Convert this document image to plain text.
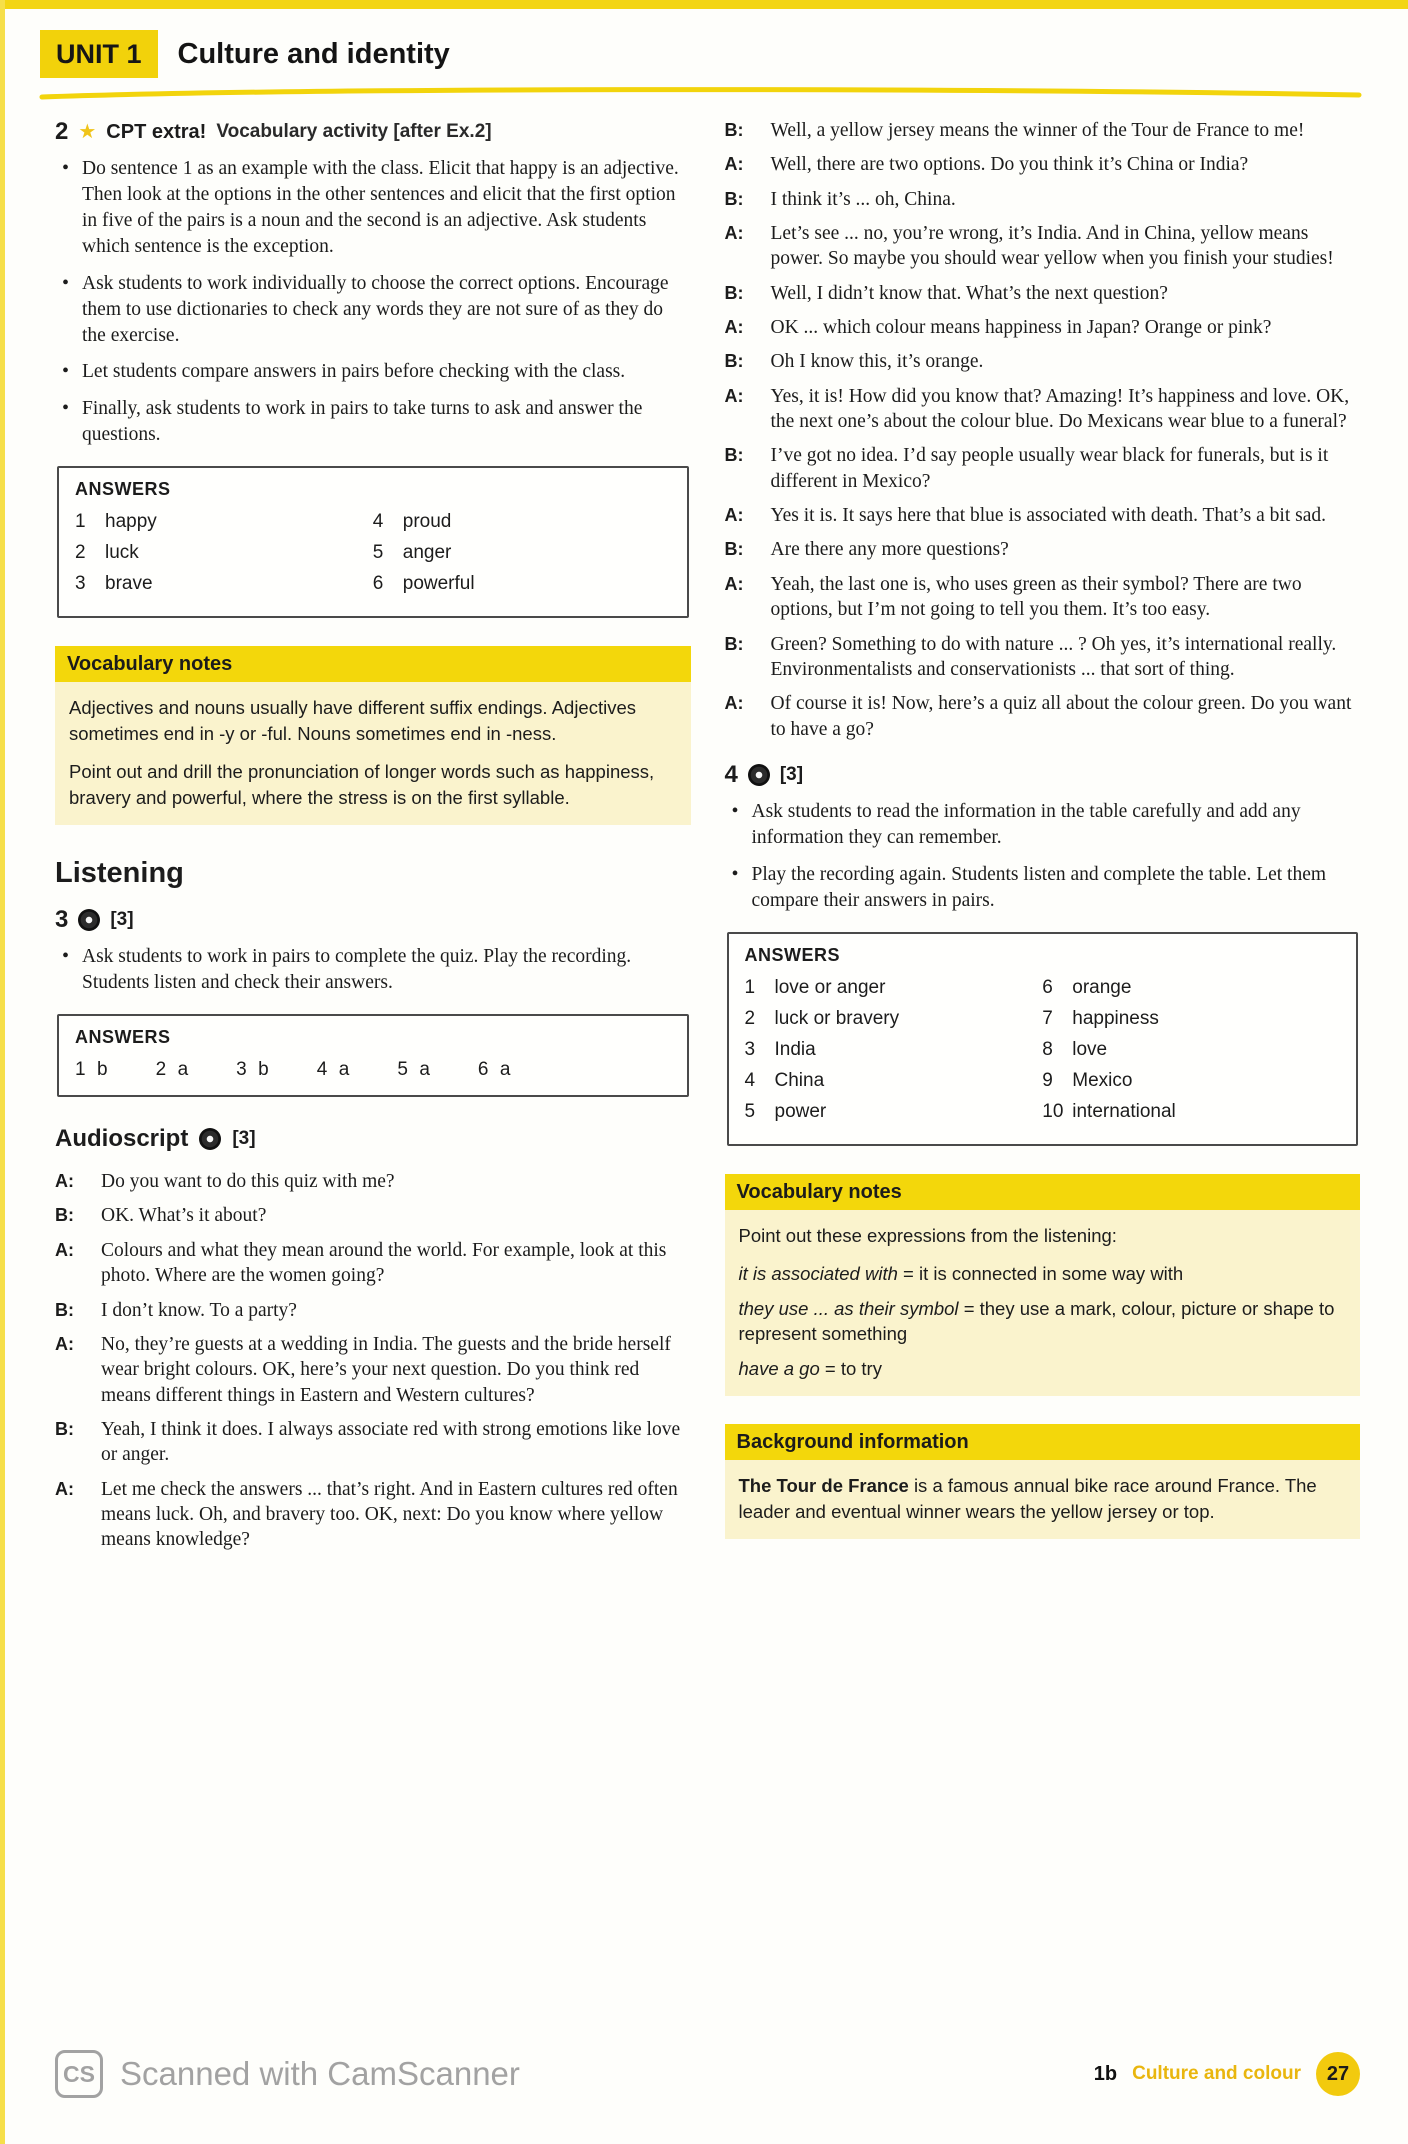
UNIT 1	Culture and identity
2 ★ CPT extra! Vocabulary activity [after Ex.2]
• Do sentence 1 as an example with the class. Elicit that happy is an adjective. Then look at the options in the other sentences and elicit that the first option in five of the pairs is a noun and the second is an adjective. Ask students which sentence is the exception.
• Ask students to work individually to choose the correct options. Encourage them to use dictionaries to check any words they are not sure of as they do the exercise.
• Let students compare answers in pairs before checking with the class.
• Finally, ask students to work in pairs to take turns to ask and answer the questions.
ANSWERS
1	happy
2	luck
3	brave
4	proud
5	anger
6	powerful
Vocabulary notes

Adjectives and nouns usually have different suffix endings. Adjectives sometimes end in -y or -ful. Nouns sometimes end in -ness.

Point out and drill the pronunciation of longer words such as happiness, bravery and powerful, where the stress is on the first syllable.

Listening
3 [3]
• Ask students to work in pairs to complete the quiz. Play the recording. Students listen and check their answers.
ANSWERS
1 b	2 a	3 b	4 a	5 a	6 a
Audioscript [3]
A:	Do you want to do this quiz with me?
B:	OK. What’s it about?
A:	Colours and what they mean around the world. For example, look at this photo. Where are the women going?
B:	I don’t know. To a party?
A:	No, they’re guests at a wedding in India. The guests and the bride herself wear bright colours. OK, here’s your next question. Do you think red means different things in Eastern and Western cultures?
B:	Yeah, I think it does. I always associate red with strong emotions like love or anger.
A:	Let me check the answers ... that’s right. And in Eastern cultures red often means luck. Oh, and bravery too. OK, next: Do you know where yellow means knowledge?
B:	Well, a yellow jersey means the winner of the Tour de France to me!
A:	Well, there are two options. Do you think it’s China or India?
B:	I think it’s ... oh, China.
A:	Let’s see ... no, you’re wrong, it’s India. And in China, yellow means power. So maybe you should wear yellow when you finish your studies!
B:	Well, I didn’t know that. What’s the next question?
A:	OK ... which colour means happiness in Japan? Orange or pink?
B:	Oh I know this, it’s orange.
A:	Yes, it is! How did you know that? Amazing! It’s happiness and love. OK, the next one’s about the colour blue. Do Mexicans wear blue to a funeral?
B:	I’ve got no idea. I’d say people usually wear black for funerals, but is it different in Mexico?
A:	Yes it is. It says here that blue is associated with death. That’s a bit sad.
B:	Are there any more questions?
A:	Yeah, the last one is, who uses green as their symbol? There are two options, but I’m not going to tell you them. It’s too easy.
B:	Green? Something to do with nature ... ? Oh yes, it’s international really. Environmentalists and conservationists ... that sort of thing.
A:	Of course it is! Now, here’s a quiz all about the colour green. Do you want to have a go?
4 [3]
• Ask students to read the information in the table carefully and add any information they can remember.
• Play the recording again. Students listen and complete the table. Let them compare their answers in pairs.
ANSWERS
1	love or anger
2	luck or bravery
3	India
4	China
5	power
6	orange
7	happiness
8	love
9	Mexico
10 international
Vocabulary notes

Point out these expressions from the listening:

it is associated with = it is connected in some way with
they use ... as their symbol = they use a mark, colour, picture or shape to represent something
have a go = to try
Background information

The Tour de France is a famous annual bike race around France. The leader and eventual winner wears the yellow jersey or top.

CS Scanned with CamScanner	1b Culture and colour	27
